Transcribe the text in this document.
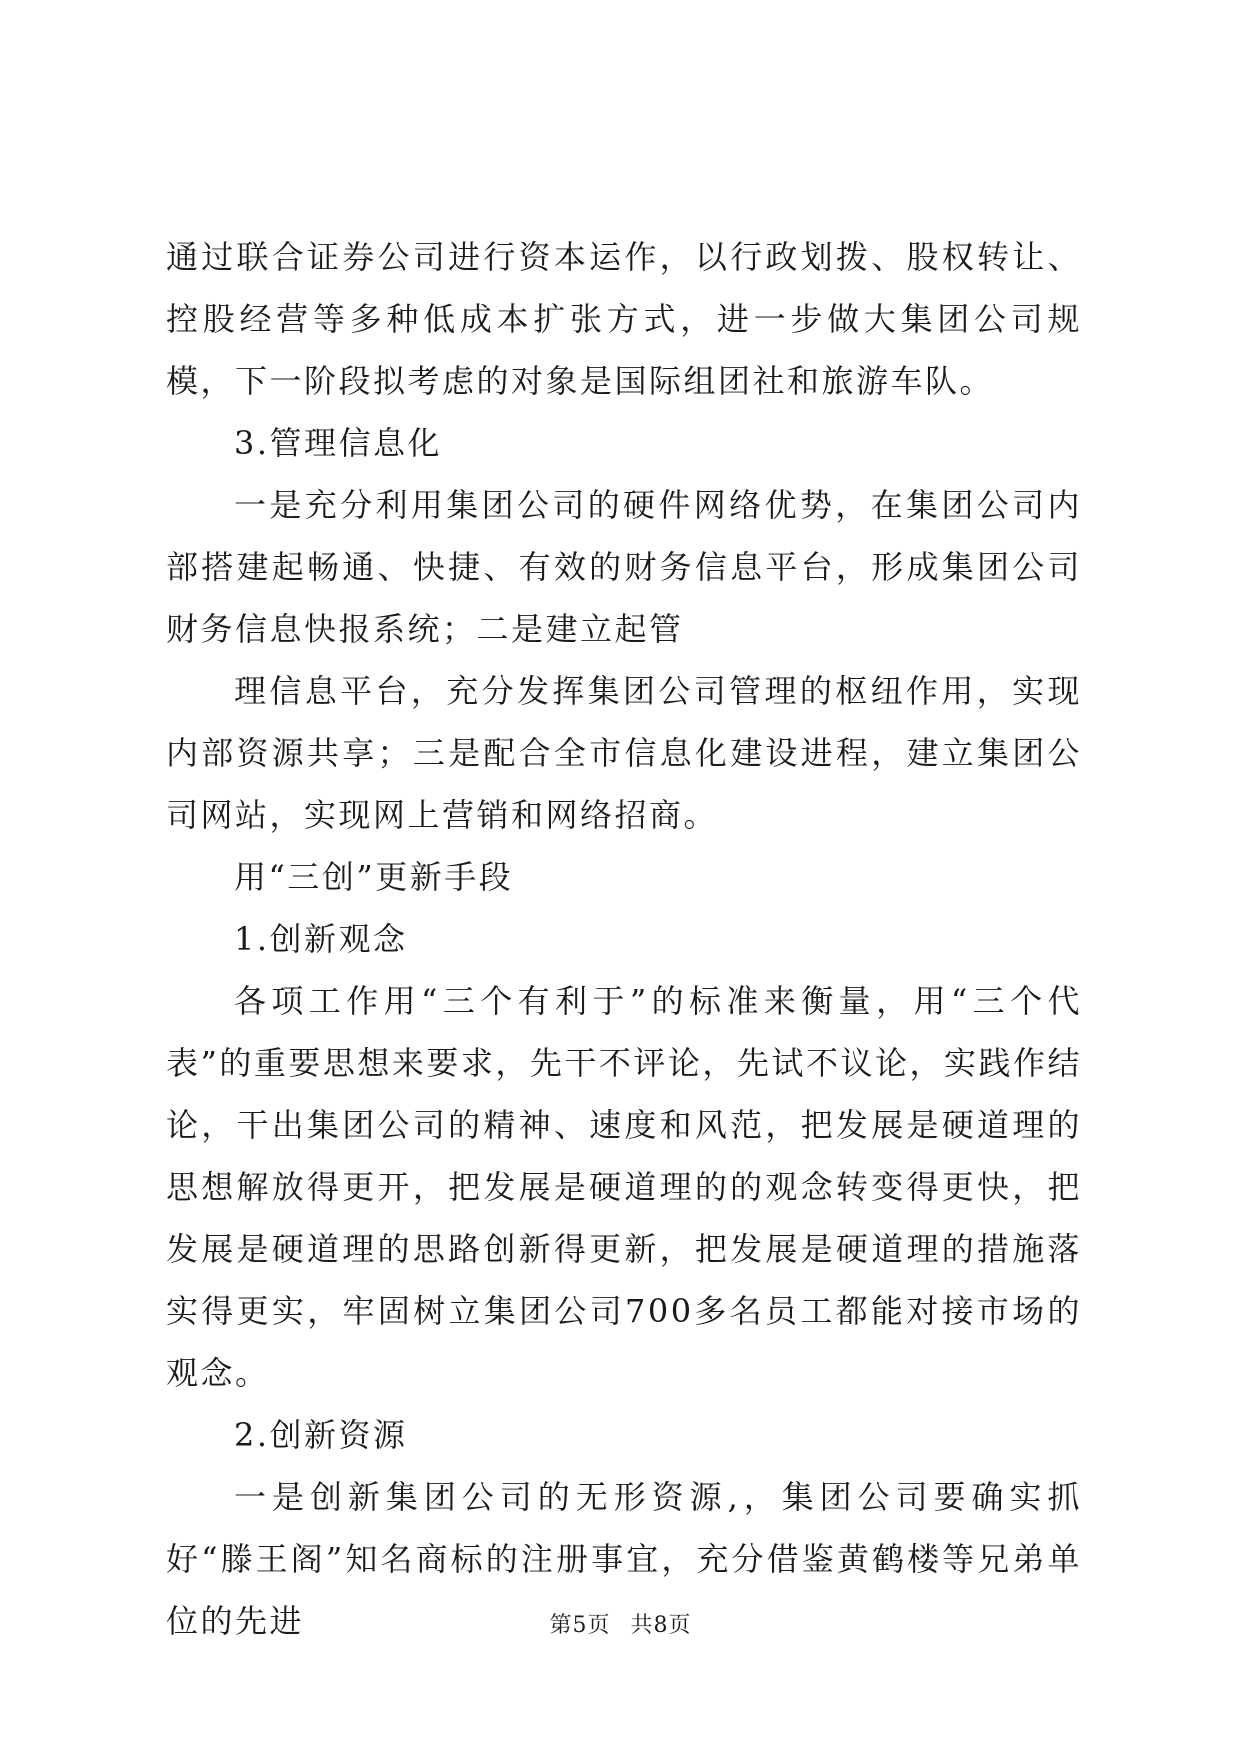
通过联合证券公司进行资本运作，以行政划拨、股权转让、控股经营等多种低成本扩张方式，进一步做大集团公司规模，下一阶段拟考虑的对象是国际组团社和旅游车队。

3.管理信息化

一是充分利用集团公司的硬件网络优势，在集团公司内部搭建起畅通、快捷、有效的财务信息平台，形成集团公司财务信息快报系统；二是建立起管

理信息平台，充分发挥集团公司管理的枢纽作用，实现内部资源共享；三是配合全市信息化建设进程，建立集团公司网站，实现网上营销和网络招商。

用“三创”更新手段

1.创新观念

各项工作用“三个有利于”的标准来衡量，用“三个代表”的重要思想来要求，先干不评论，先试不议论，实践作结论，干出集团公司的精神、速度和风范，把发展是硬道理的思想解放得更开，把发展是硬道理的的观念转变得更快，把发展是硬道理的思路创新得更新，把发展是硬道理的措施落实得更实，牢固树立集团公司700多名员工都能对接市场的观念。

2.创新资源

一是创新集团公司的无形资源,，集团公司要确实抓好“滕王阁”知名商标的注册事宜，充分借鉴黄鹤楼等兄弟单位的先进	第5页 共8页
